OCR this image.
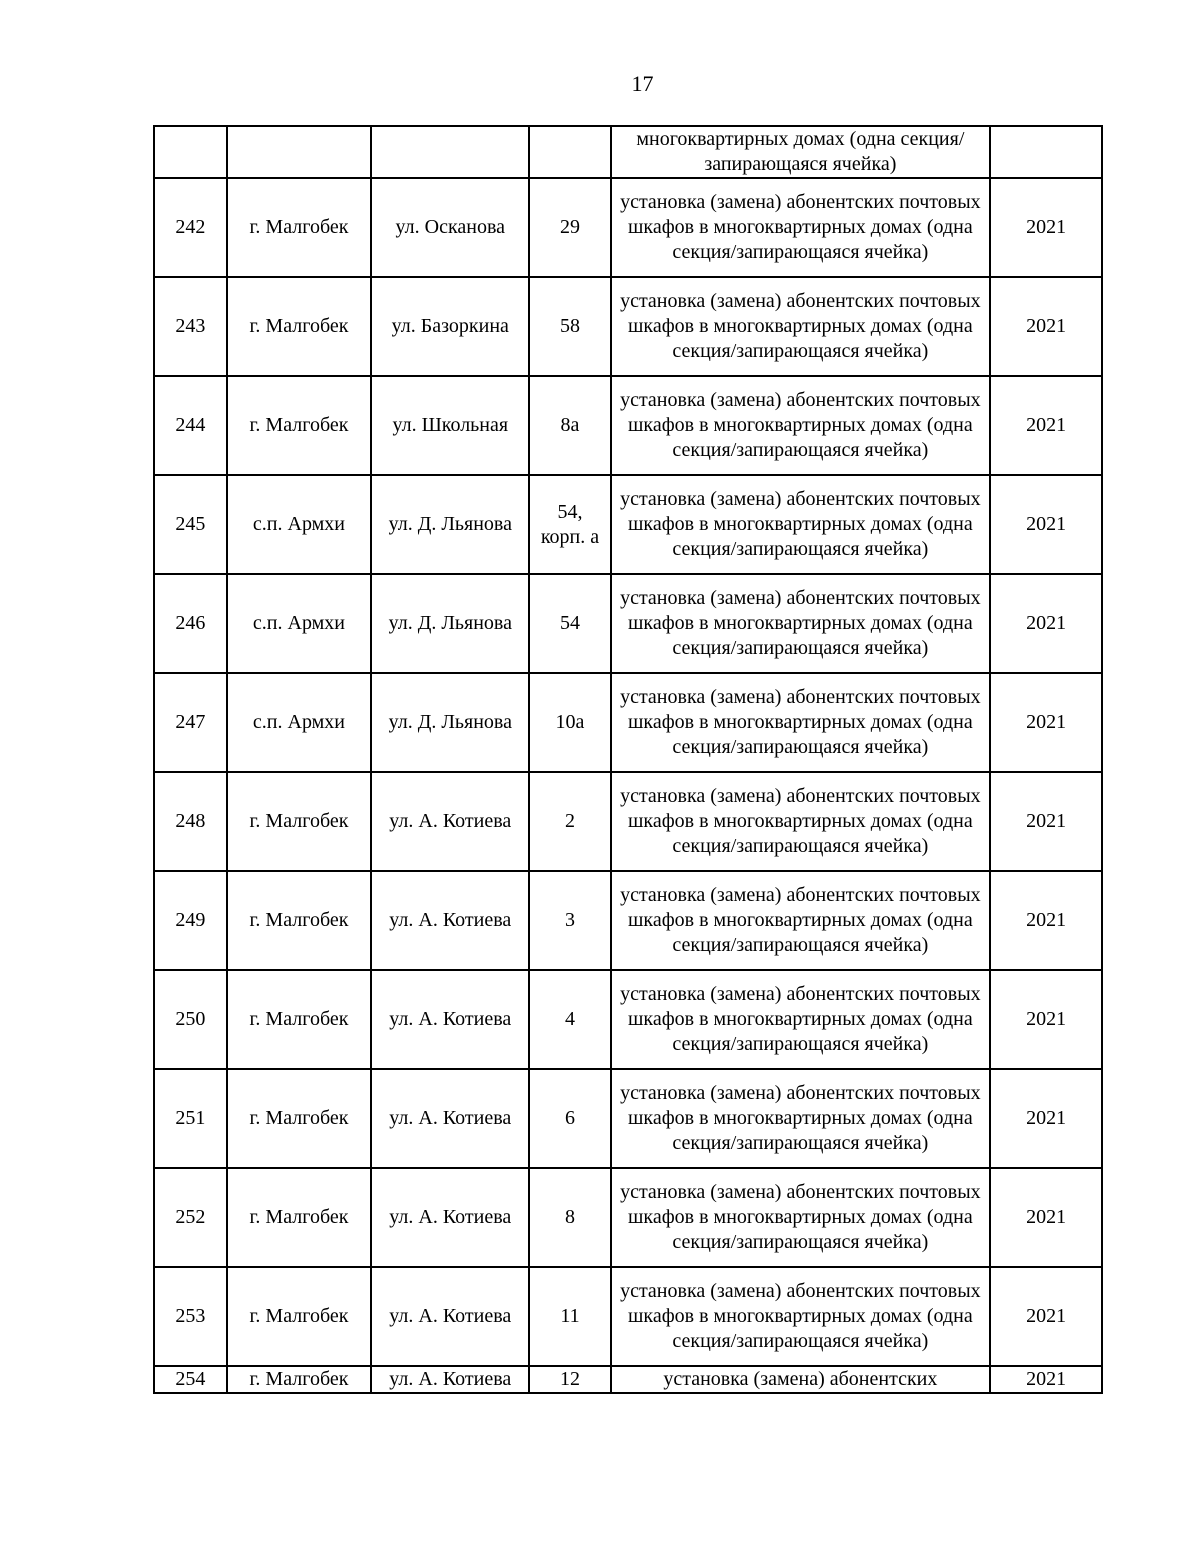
17
				многоквартирных домах (одна секция/запирающаяся ячейка)	
242	г. Малгобек	ул. Осканова	29	установка (замена) абонентских почтовых шкафов в многоквартирных домах (одна секция/запирающаяся ячейка)	2021
243	г. Малгобек	ул. Базоркина	58	установка (замена) абонентских почтовых шкафов в многоквартирных домах (одна секция/запирающаяся ячейка)	2021
244	г. Малгобек	ул. Школьная	8а	установка (замена) абонентских почтовых шкафов в многоквартирных домах (одна секция/запирающаяся ячейка)	2021
245	с.п. Армхи	ул. Д. Льянова	54, корп. а	установка (замена) абонентских почтовых шкафов в многоквартирных домах (одна секция/запирающаяся ячейка)	2021
246	с.п. Армхи	ул. Д. Льянова	54	установка (замена) абонентских почтовых шкафов в многоквартирных домах (одна секция/запирающаяся ячейка)	2021
247	с.п. Армхи	ул. Д. Льянова	10а	установка (замена) абонентских почтовых шкафов в многоквартирных домах (одна секция/запирающаяся ячейка)	2021
248	г. Малгобек	ул. А. Котиева	2	установка (замена) абонентских почтовых шкафов в многоквартирных домах (одна секция/запирающаяся ячейка)	2021
249	г. Малгобек	ул. А. Котиева	3	установка (замена) абонентских почтовых шкафов в многоквартирных домах (одна секция/запирающаяся ячейка)	2021
250	г. Малгобек	ул. А. Котиева	4	установка (замена) абонентских почтовых шкафов в многоквартирных домах (одна секция/запирающаяся ячейка)	2021
251	г. Малгобек	ул. А. Котиева	6	установка (замена) абонентских почтовых шкафов в многоквартирных домах (одна секция/запирающаяся ячейка)	2021
252	г. Малгобек	ул. А. Котиева	8	установка (замена) абонентских почтовых шкафов в многоквартирных домах (одна секция/запирающаяся ячейка)	2021
253	г. Малгобек	ул. А. Котиева	11	установка (замена) абонентских почтовых шкафов в многоквартирных домах (одна секция/запирающаяся ячейка)	2021
254	г. Малгобек	ул. А. Котиева	12	установка (замена) абонентских	2021
